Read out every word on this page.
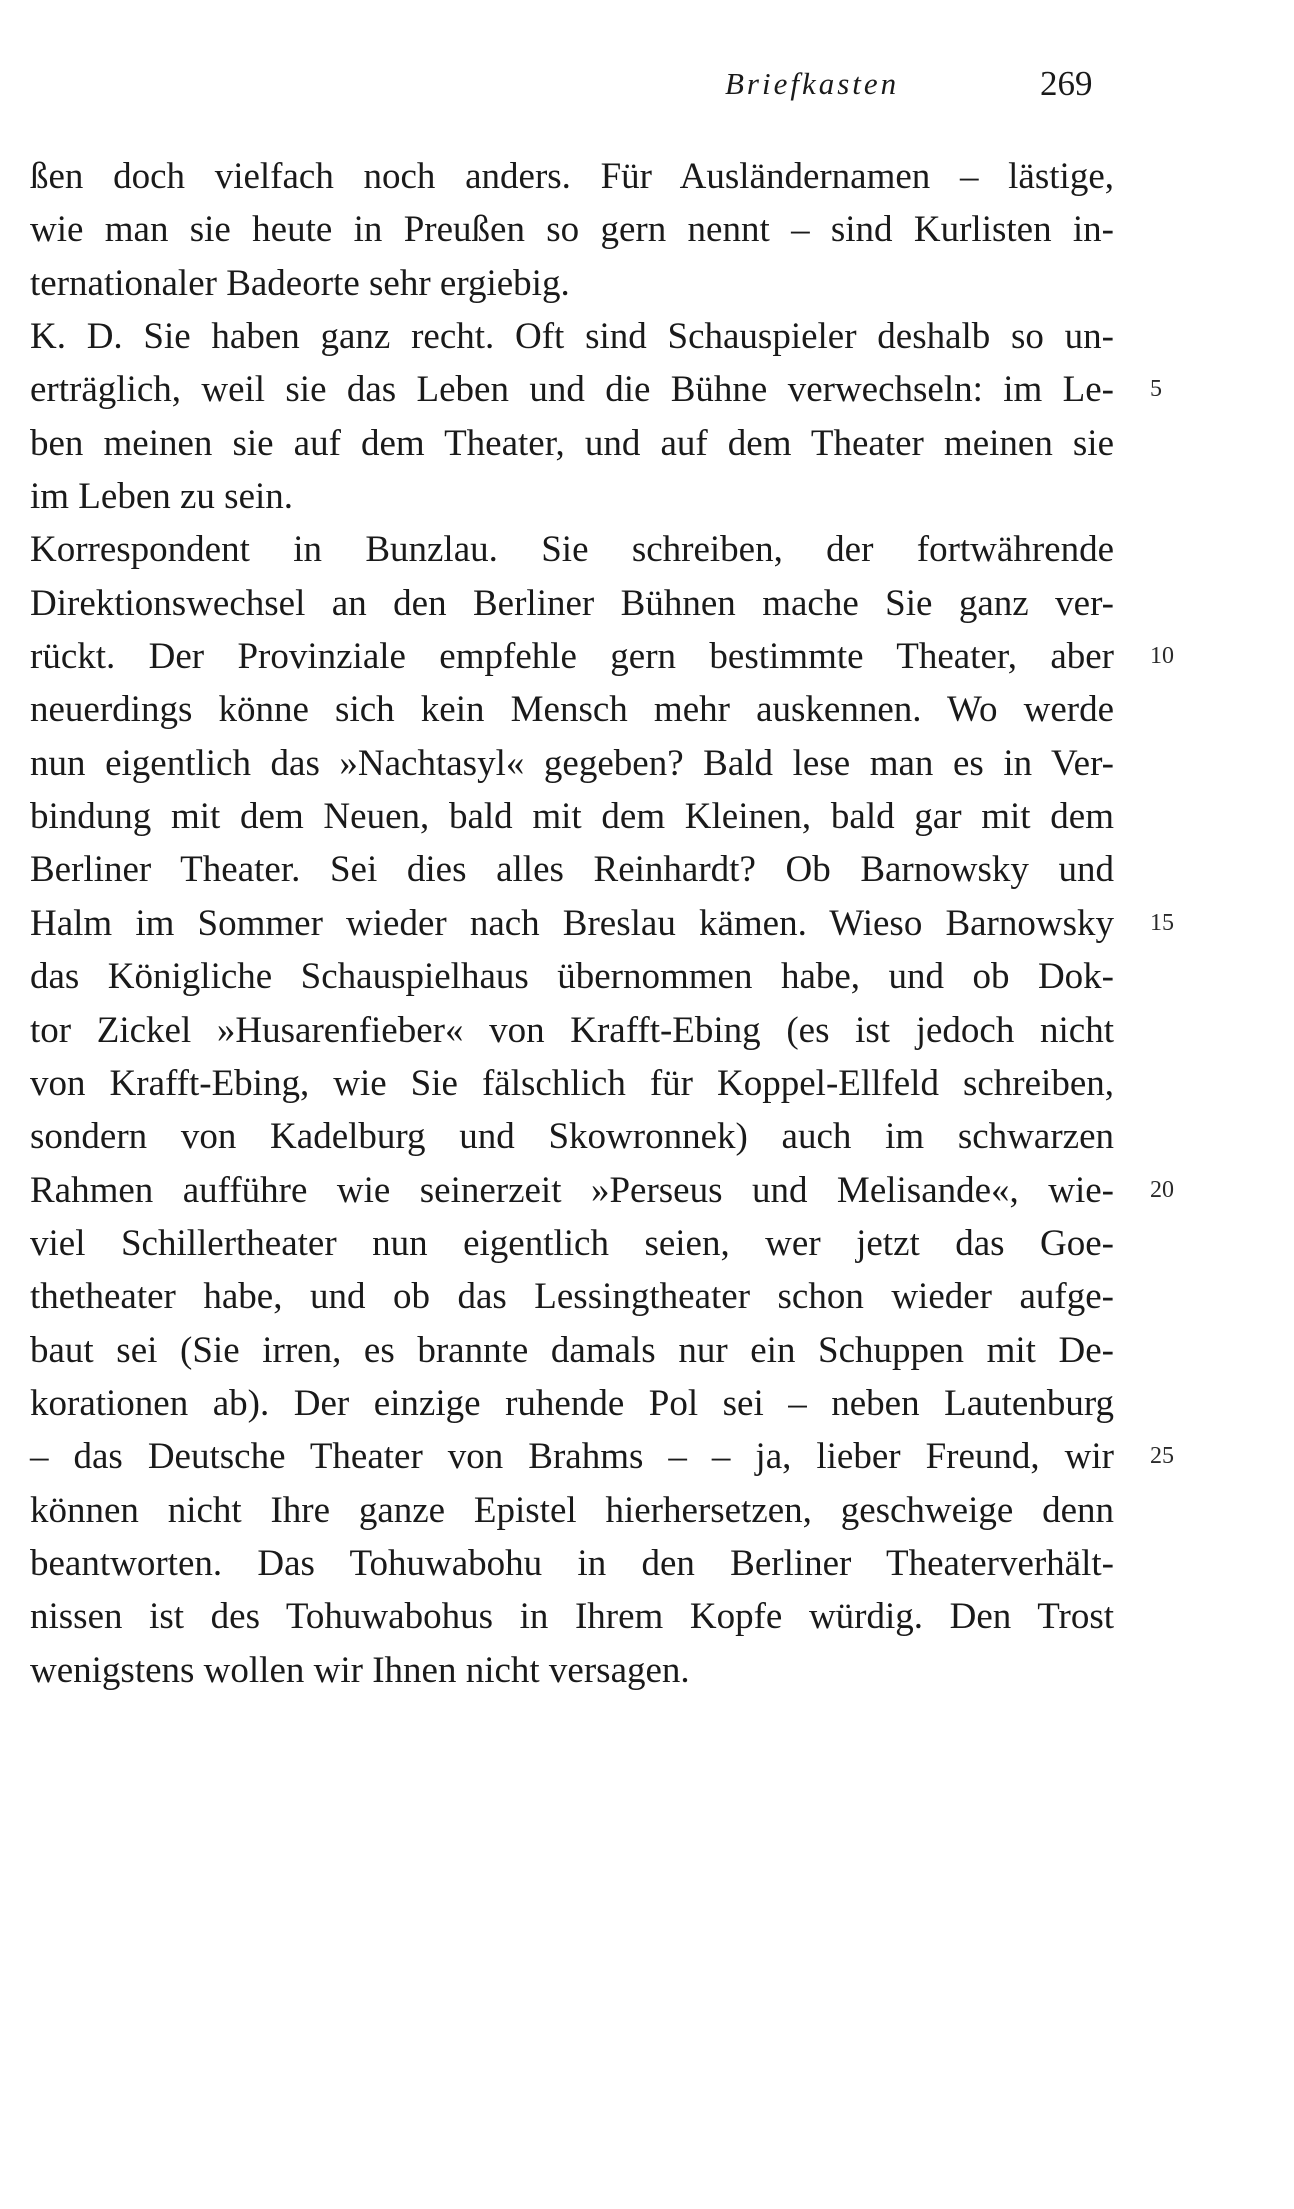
Briefkasten	269
ßen doch vielfach noch anders. Für Ausländernamen – lästige,
wie man sie heute in Preußen so gern nennt – sind Kurlisten in-
ternationaler Badeorte sehr ergiebig.
K. D. Sie haben ganz recht. Oft sind Schauspieler deshalb so un-
erträglich, weil sie das Leben und die Bühne verwechseln: im Le- 5
ben meinen sie auf dem Theater, und auf dem Theater meinen sie
im Leben zu sein.
Korrespondent in Bunzlau. Sie schreiben, der fortwährende
Direktionswechsel an den Berliner Bühnen mache Sie ganz ver-
rückt. Der Provinziale empfehle gern bestimmte Theater, aber 10
neuerdings könne sich kein Mensch mehr auskennen. Wo werde
nun eigentlich das »Nachtasyl« gegeben? Bald lese man es in Ver-
bindung mit dem Neuen, bald mit dem Kleinen, bald gar mit dem
Berliner Theater. Sei dies alles Reinhardt? Ob Barnowsky und
Halm im Sommer wieder nach Breslau kämen. Wieso Barnowsky 15
das Königliche Schauspielhaus übernommen habe, und ob Dok-
tor Zickel »Husarenfieber« von Krafft-Ebing (es ist jedoch nicht
von Krafft-Ebing, wie Sie fälschlich für Koppel-Ellfeld schreiben,
sondern von Kadelburg und Skowronnek) auch im schwarzen
Rahmen aufführe wie seinerzeit »Perseus und Melisande«, wie- 20
viel Schillertheater nun eigentlich seien, wer jetzt das Goe-
thetheater habe, und ob das Lessingtheater schon wieder aufge-
baut sei (Sie irren, es brannte damals nur ein Schuppen mit De-
korationen ab). Der einzige ruhende Pol sei – neben Lautenburg
– das Deutsche Theater von Brahms – – ja, lieber Freund, wir 25
können nicht Ihre ganze Epistel hierhersetzen, geschweige denn
beantworten. Das Tohuwabohu in den Berliner Theaterverhält-
nissen ist des Tohuwabohus in Ihrem Kopfe würdig. Den Trost
wenigstens wollen wir Ihnen nicht versagen.
